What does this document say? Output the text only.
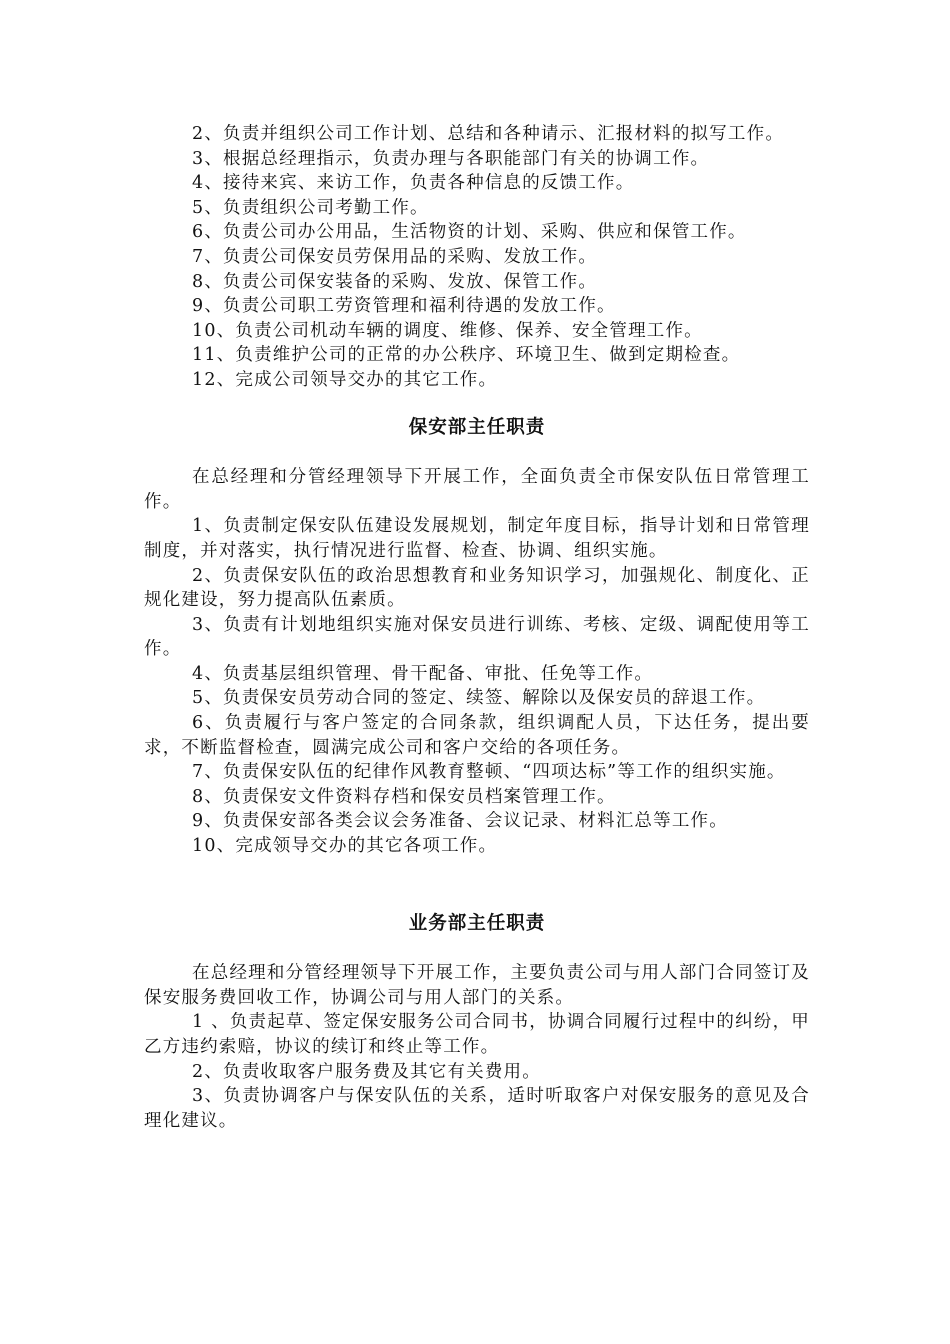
2、负责并组织公司工作计划、总结和各种请示、汇报材料的拟写工作。

3、根据总经理指示，负责办理与各职能部门有关的协调工作。

4、接待来宾、来访工作，负责各种信息的反馈工作。

5、负责组织公司考勤工作。

6、负责公司办公用品，生活物资的计划、采购、供应和保管工作。

7、负责公司保安员劳保用品的采购、发放工作。

8、负责公司保安装备的采购、发放、保管工作。

9、负责公司职工劳资管理和福利待遇的发放工作。

10、负责公司机动车辆的调度、维修、保养、安全管理工作。

11、负责维护公司的正常的办公秩序、环境卫生、做到定期检查。

12、完成公司领导交办的其它工作。

保安部主任职责

在总经理和分管经理领导下开展工作，全面负责全市保安队伍日常管理工作。

1、负责制定保安队伍建设发展规划，制定年度目标，指导计划和日常管理制度，并对落实，执行情况进行监督、检查、协调、组织实施。

2、负责保安队伍的政治思想教育和业务知识学习，加强规化、制度化、正规化建设，努力提高队伍素质。

3、负责有计划地组织实施对保安员进行训练、考核、定级、调配使用等工作。

4、负责基层组织管理、骨干配备、审批、任免等工作。

5、负责保安员劳动合同的签定、续签、解除以及保安员的辞退工作。

6、负责履行与客户签定的合同条款，组织调配人员，下达任务，提出要求，不断监督检查，圆满完成公司和客户交给的各项任务。

7、负责保安队伍的纪律作风教育整顿、“四项达标”等工作的组织实施。

8、负责保安文件资料存档和保安员档案管理工作。

9、负责保安部各类会议会务准备、会议记录、材料汇总等工作。

10、完成领导交办的其它各项工作。

业务部主任职责

在总经理和分管经理领导下开展工作，主要负责公司与用人部门合同签订及保安服务费回收工作，协调公司与用人部门的关系。

1 、负责起草、签定保安服务公司合同书，协调合同履行过程中的纠纷，甲乙方违约索赔，协议的续订和终止等工作。

2、负责收取客户服务费及其它有关费用。

3、负责协调客户与保安队伍的关系，适时听取客户对保安服务的意见及合理化建议。
